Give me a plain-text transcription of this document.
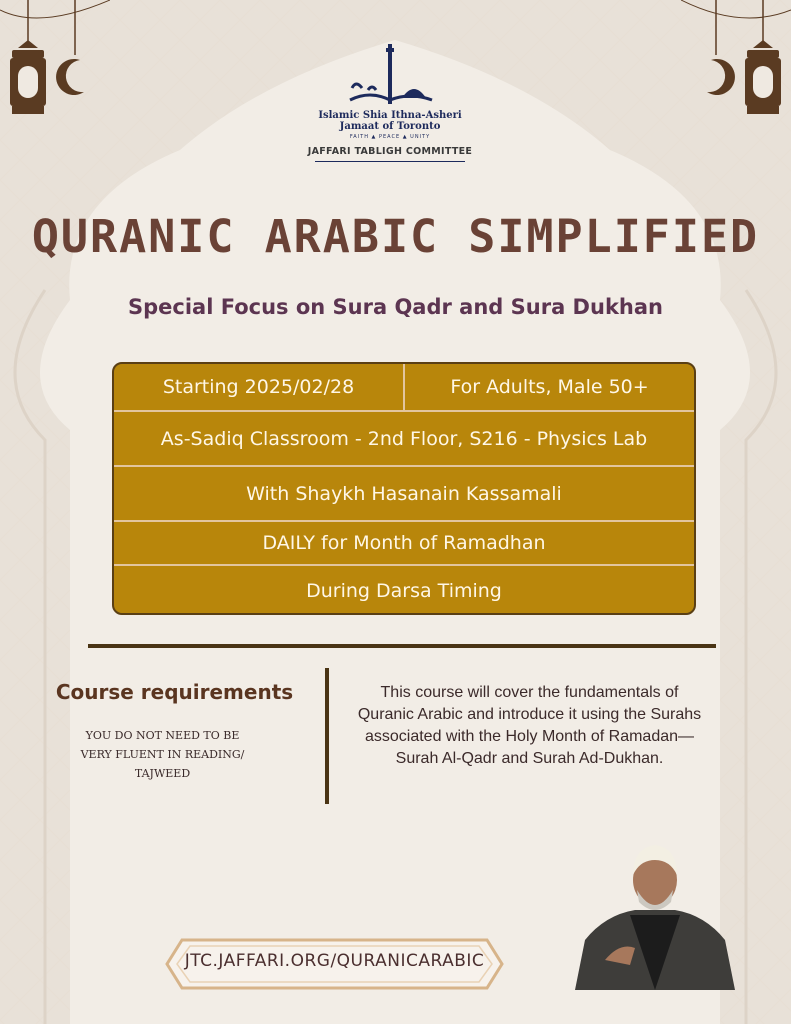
Islamic Shia Ithna-Asheri
Jamaat of Toronto
FAITH ▲ PEACE ▲ UNITY
JAFFARI TABLIGH COMMITTEE
QURANIC ARABIC SIMPLIFIED
Special Focus on Sura Qadr and Sura Dukhan
Starting 2025/02/28	For Adults, Male 50+
As-Sadiq Classroom - 2nd Floor, S216 - Physics Lab
With Shaykh Hasanain Kassamali
DAILY for Month of Ramadhan
During Darsa Timing
Course requirements
YOU DO NOT NEED TO BE VERY FLUENT IN READING/ TAJWEED
This course will cover the fundamentals of Quranic Arabic and introduce it using the Surahs associated with the Holy Month of Ramadan—Surah Al-Qadr and Surah Ad-Dukhan.
JTC.JAFFARI.ORG/QURANICARABIC
